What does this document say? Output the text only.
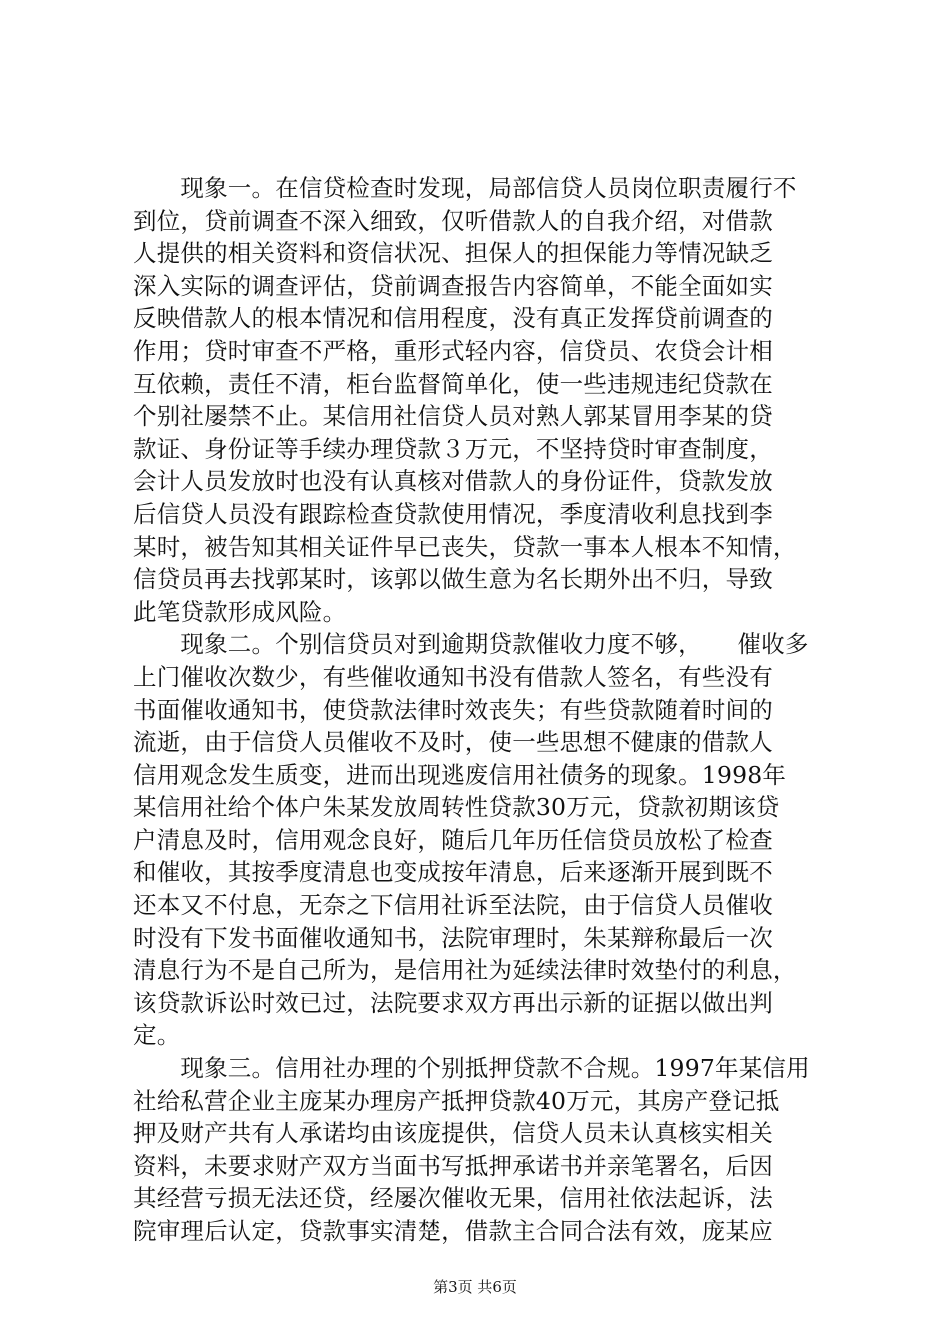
　　现象一。在信贷检查时发现，局部信贷人员岗位职责履行不
到位，贷前调查不深入细致，仅听借款人的自我介绍，对借款
人提供的相关资料和资信状况、担保人的担保能力等情况缺乏
深入实际的调查评估，贷前调查报告内容简单，不能全面如实
反映借款人的根本情况和信用程度，没有真正发挥贷前调查的
作用；贷时审查不严格，重形式轻内容，信贷员、农贷会计相
互依赖，责任不清，柜台监督简单化，使一些违规违纪贷款在
个别社屡禁不止。某信用社信贷人员对熟人郭某冒用李某的贷
款证、身份证等手续办理贷款３万元，不坚持贷时审查制度，
会计人员发放时也没有认真核对借款人的身份证件，贷款发放
后信贷人员没有跟踪检查贷款使用情况，季度清收利息找到李
某时，被告知其相关证件早已丧失，贷款一事本人根本不知情，
信贷员再去找郭某时，该郭以做生意为名长期外出不归，导致
此笔贷款形成风险。
　　现象二。个别信贷员对到逾期贷款催收力度不够，　　催收多
上门催收次数少，有些催收通知书没有借款人签名，有些没有
书面催收通知书，使贷款法律时效丧失；有些贷款随着时间的
流逝，由于信贷人员催收不及时，使一些思想不健康的借款人
信用观念发生质变，进而出现逃废信用社债务的现象。1998年
某信用社给个体户朱某发放周转性贷款30万元，贷款初期该贷
户清息及时，信用观念良好，随后几年历任信贷员放松了检查
和催收，其按季度清息也变成按年清息，后来逐渐开展到既不
还本又不付息，无奈之下信用社诉至法院，由于信贷人员催收
时没有下发书面催收通知书，法院审理时，朱某辩称最后一次
清息行为不是自己所为，是信用社为延续法律时效垫付的利息，
该贷款诉讼时效已过，法院要求双方再出示新的证据以做出判
定。
　　现象三。信用社办理的个别抵押贷款不合规。1997年某信用
社给私营企业主庞某办理房产抵押贷款40万元，其房产登记抵
押及财产共有人承诺均由该庞提供，信贷人员未认真核实相关
资料，未要求财产双方当面书写抵押承诺书并亲笔署名，后因
其经营亏损无法还贷，经屡次催收无果，信用社依法起诉，法
院审理后认定，贷款事实清楚，借款主合同合法有效，庞某应
第3页 共6页
